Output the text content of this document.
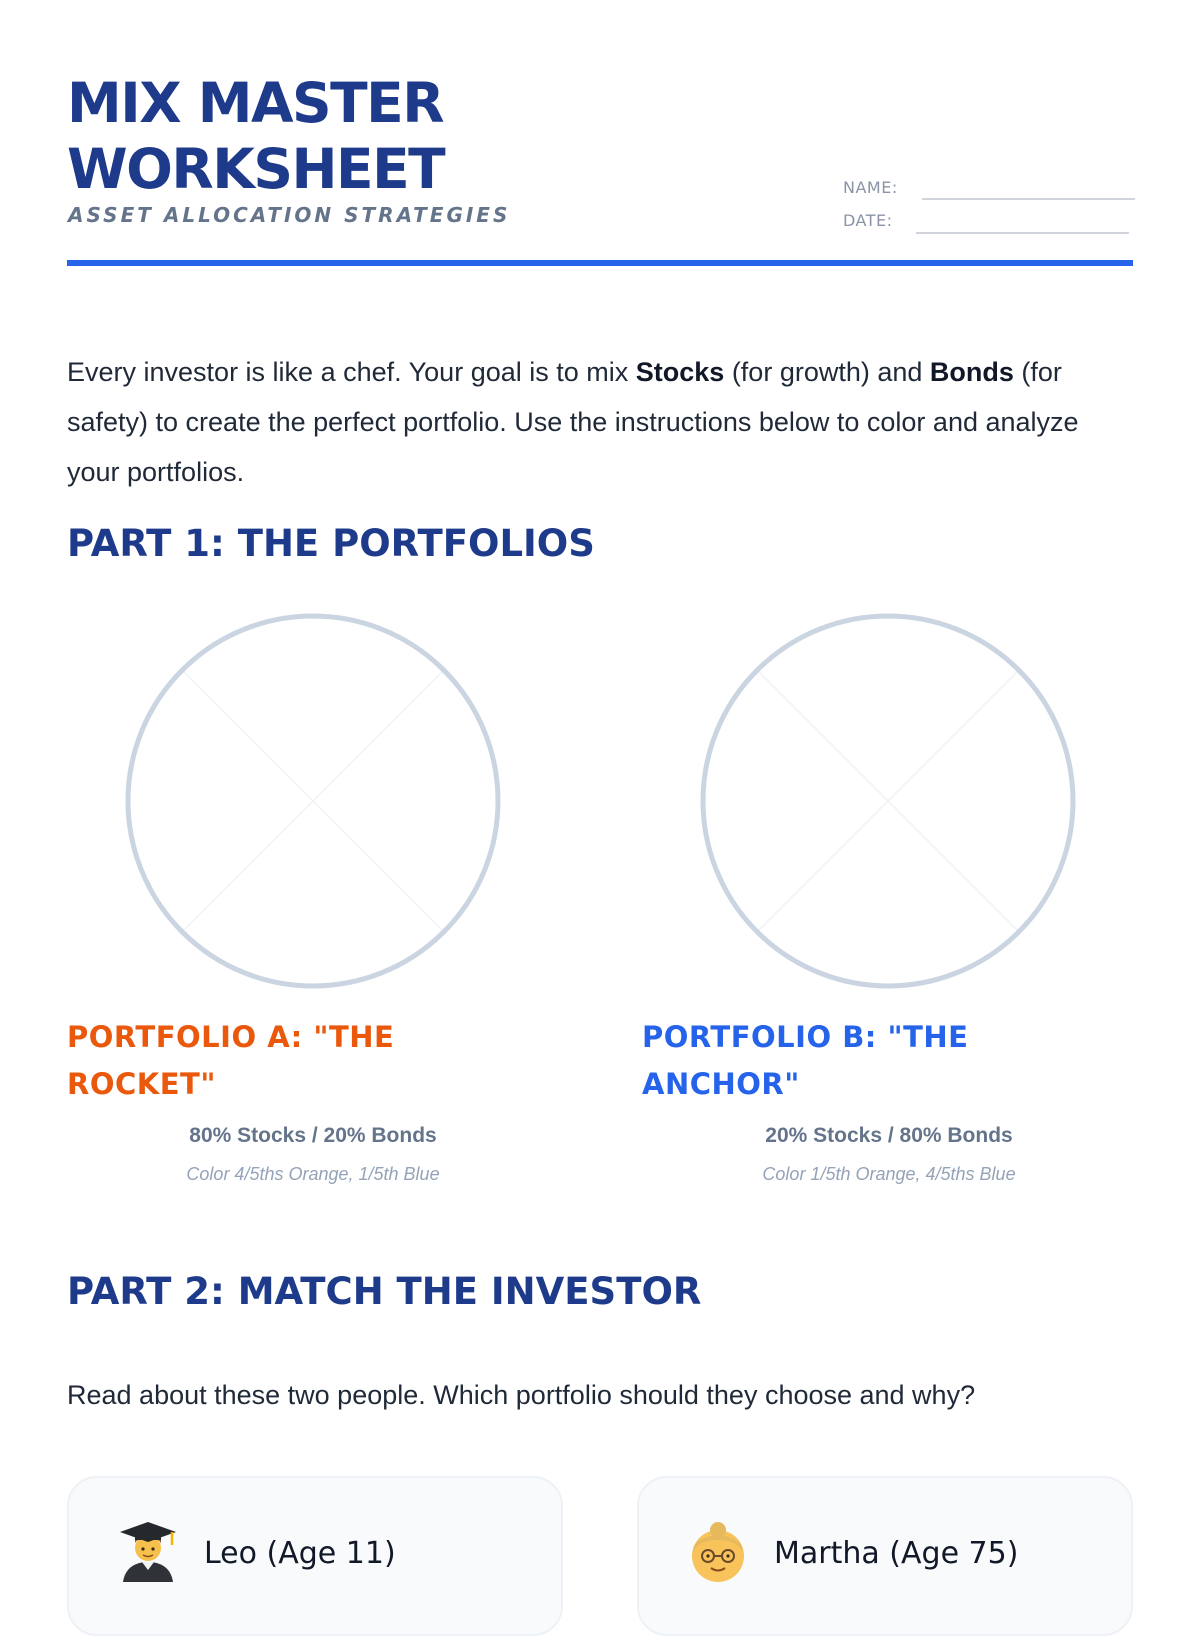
MIX MASTER WORKSHEET
ASSET ALLOCATION STRATEGIES
NAME:
DATE:

Every investor is like a chef. Your goal is to mix Stocks (for growth) and Bonds (for safety) to create the perfect portfolio. Use the instructions below to color and analyze your portfolios.

PART 1: THE PORTFOLIOS
PORTFOLIO A: "THE ROCKET"
80% Stocks / 20% Bonds
Color 4/5ths Orange, 1/5th Blue
PORTFOLIO B: "THE ANCHOR"
20% Stocks / 80% Bonds
Color 1/5th Orange, 4/5ths Blue
PART 2: MATCH THE INVESTOR
Read about these two people. Which portfolio should they choose and why?
Leo (Age 11)	Martha (Age 75)
